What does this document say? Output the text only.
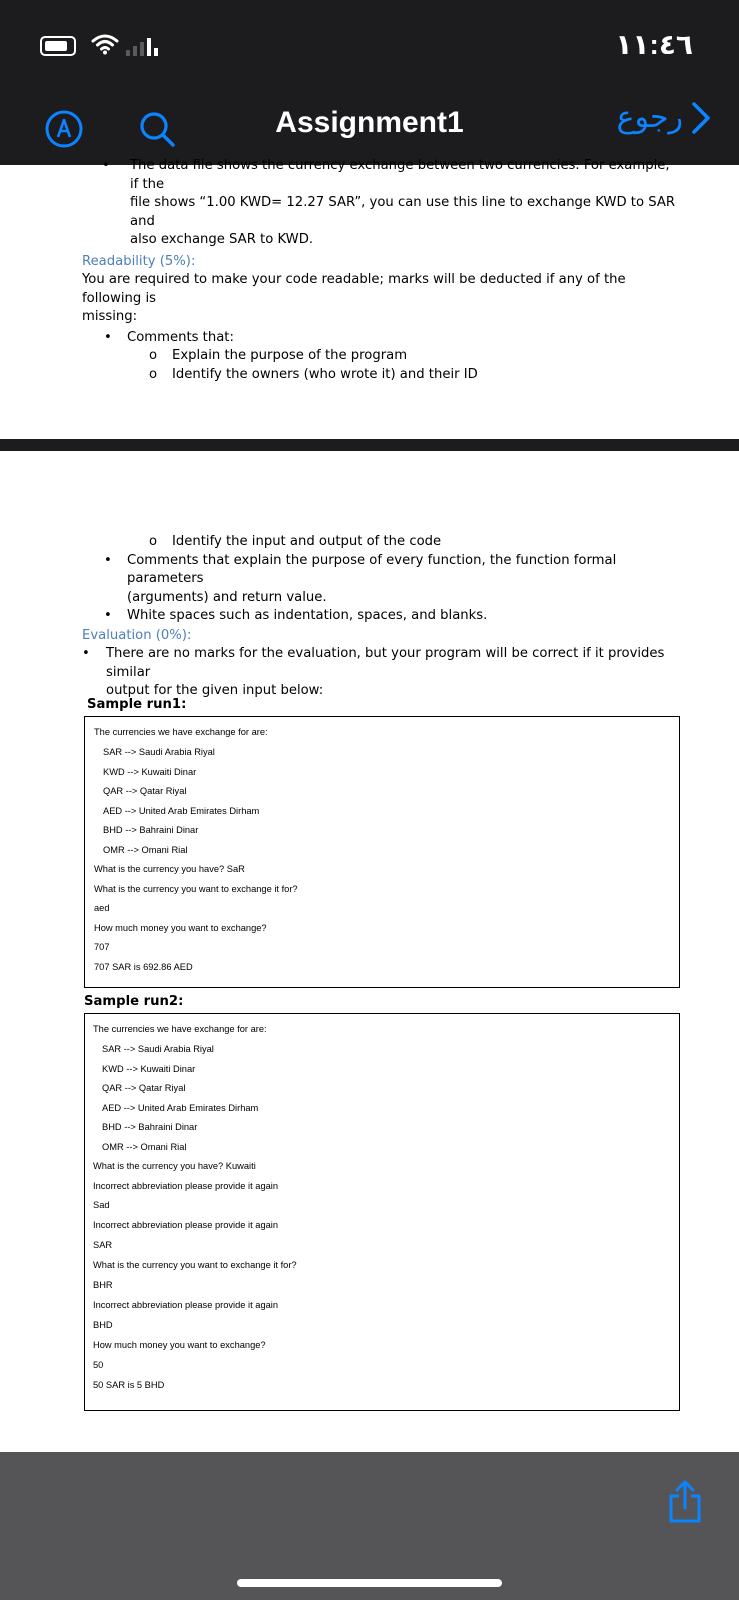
١١:٤٦
Assignment1	رجوع
• The data file shows the currency exchange between two currencies. For example, if the
file shows “1.00 KWD= 12.27 SAR”, you can use this line to exchange KWD to SAR and
also exchange SAR to KWD.
Readability (5%):
You are required to make your code readable; marks will be deducted if any of the following is
missing:
• Comments that:
o Explain the purpose of the program
o Identify the owners (who wrote it) and their ID
o Identify the input and output of the code
• Comments that explain the purpose of every function, the function formal parameters
(arguments) and return value.
• White spaces such as indentation, spaces, and blanks.
Evaluation (0%):
• There are no marks for the evaluation, but your program will be correct if it provides similar
output for the given input below:
Sample run1:
The currencies we have exchange for are:
SAR --> Saudi Arabia Riyal
KWD --> Kuwaiti Dinar
QAR --> Qatar Riyal
AED --> United Arab Emirates Dirham
BHD --> Bahraini Dinar
OMR --> Omani Rial
What is the currency you have? SaR
What is the currency you want to exchange it for?
aed
How much money you want to exchange?
707
707 SAR is 692.86 AED
Sample run2:
The currencies we have exchange for are:
SAR --> Saudi Arabia Riyal
KWD --> Kuwaiti Dinar
QAR --> Qatar Riyal
AED --> United Arab Emirates Dirham
BHD --> Bahraini Dinar
OMR --> Omani Rial
What is the currency you have? Kuwaiti
Incorrect abbreviation please provide it again
Sad
Incorrect abbreviation please provide it again
SAR
What is the currency you want to exchange it for?
BHR
Incorrect abbreviation please provide it again
BHD
How much money you want to exchange?
50
50 SAR is 5 BHD
